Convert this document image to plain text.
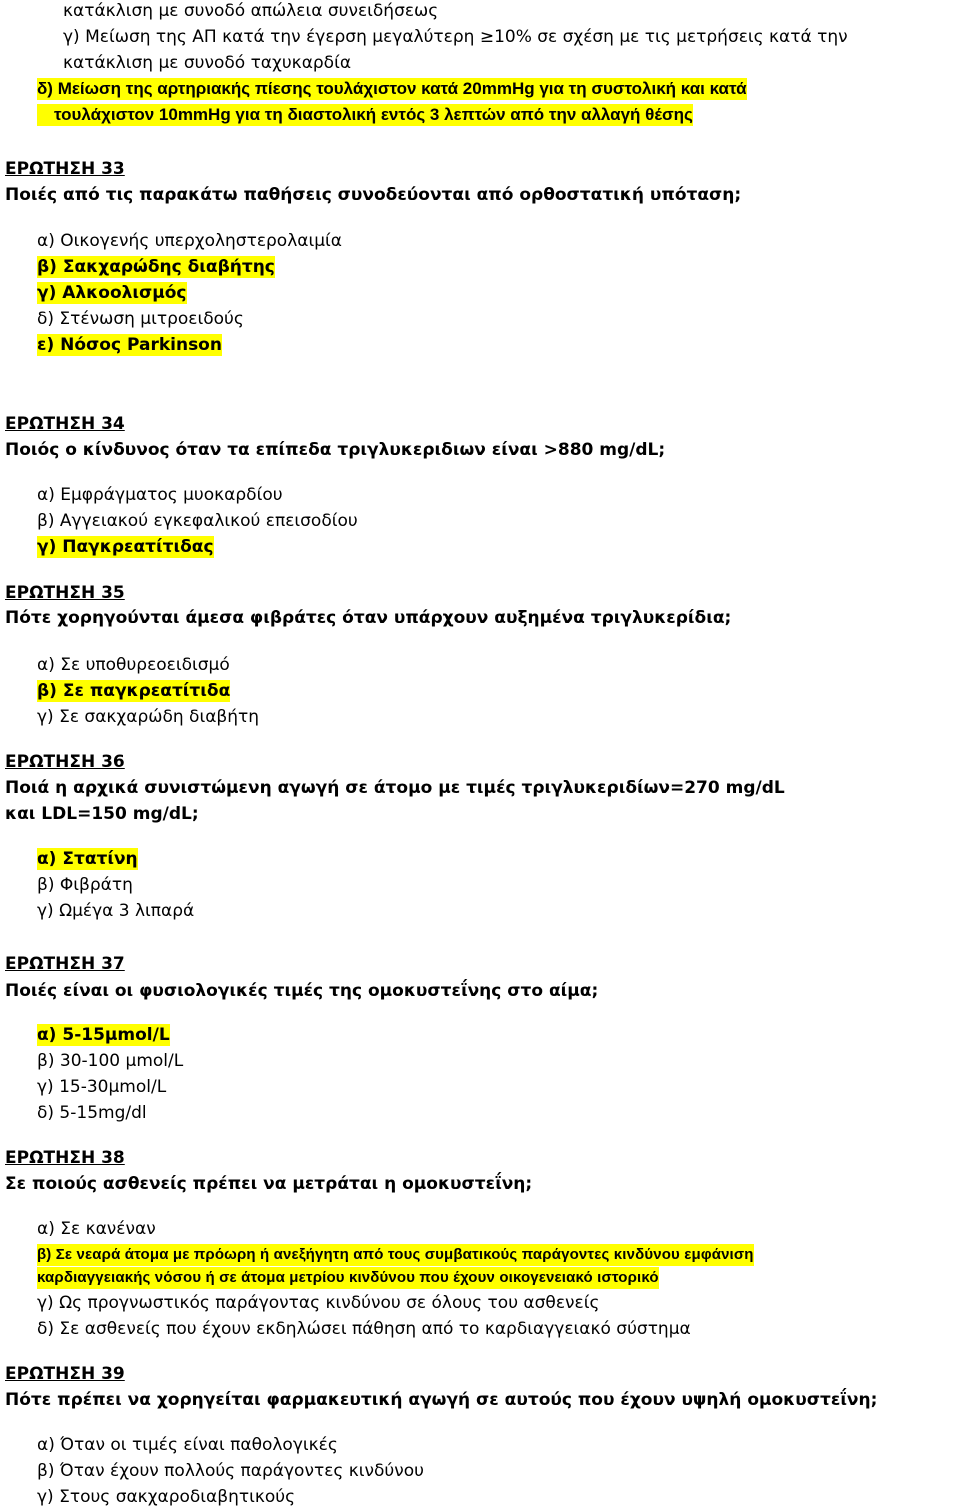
κατάκλιση με συνοδό απώλεια συνειδήσεως
γ) Μείωση της ΑΠ κατά την έγερση μεγαλύτερη ≥10% σε σχέση με τις μετρήσεις κατά την
κατάκλιση με συνοδό ταχυκαρδία
δ) Μείωση της αρτηριακής πίεσης τουλάχιστον κατά 20mmHg για τη συστολική και κατά
τουλάχιστον 10mmHg για τη διαστολική εντός 3 λεπτών από την αλλαγή θέσης
ΕΡΩΤΗΣΗ 33
Ποιές από τις παρακάτω παθήσεις συνοδεύονται από ορθοστατική υπόταση;
α) Οικογενής υπερχοληστερολαιμία
β) Σακχαρώδης διαβήτης
γ) Αλκοολισμός
δ) Στένωση μιτροειδούς
ε) Νόσος Parkinson
ΕΡΩΤΗΣΗ 34
Ποιός ο κίνδυνος όταν τα επίπεδα τριγλυκεριδιων είναι >880 mg/dL;
α) Εμφράγματος μυοκαρδίου
β) Αγγειακού εγκεφαλικού επεισοδίου
γ) Παγκρεατίτιδας
ΕΡΩΤΗΣΗ 35
Πότε χορηγούνται άμεσα φιβράτες όταν υπάρχουν αυξημένα τριγλυκερίδια;
α) Σε υποθυρεοειδισμό
β) Σε παγκρεατίτιδα
γ) Σε σακχαρώδη διαβήτη
ΕΡΩΤΗΣΗ 36
Ποιά η αρχικά συνιστώμενη αγωγή σε άτομο με τιμές τριγλυκεριδίων=270 mg/dL
και LDL=150 mg/dL;
α) Στατίνη
β) Φιβράτη
γ) Ωμέγα 3 λιπαρά
ΕΡΩΤΗΣΗ 37
Ποιές είναι οι φυσιολογικές τιμές της ομοκυστεΐνης στο αίμα;
α) 5-15μmol/L
β) 30-100 μmol/L
γ) 15-30μmol/L
δ) 5-15mg/dl
ΕΡΩΤΗΣΗ 38
Σε ποιούς ασθενείς πρέπει να μετράται η ομοκυστεΐνη;
α) Σε κανέναν
β) Σε νεαρά άτομα με πρόωρη ή ανεξήγητη από τους συμβατικούς παράγοντες κινδύνου εμφάνιση
καρδιαγγειακής νόσου ή σε άτομα μετρίου κινδύνου που έχουν οικογενειακό ιστορικό
γ) Ως προγνωστικός παράγοντας κινδύνου σε όλους του ασθενείς
δ) Σε ασθενείς που έχουν εκδηλώσει πάθηση από το καρδιαγγειακό σύστημα
ΕΡΩΤΗΣΗ 39
Πότε πρέπει να χορηγείται φαρμακευτική αγωγή σε αυτούς που έχουν υψηλή ομοκυστεΐνη;
α) Όταν οι τιμές είναι παθολογικές
β) Όταν έχουν πολλούς παράγοντες κινδύνου
γ) Στους σακχαροδιαβητικούς
